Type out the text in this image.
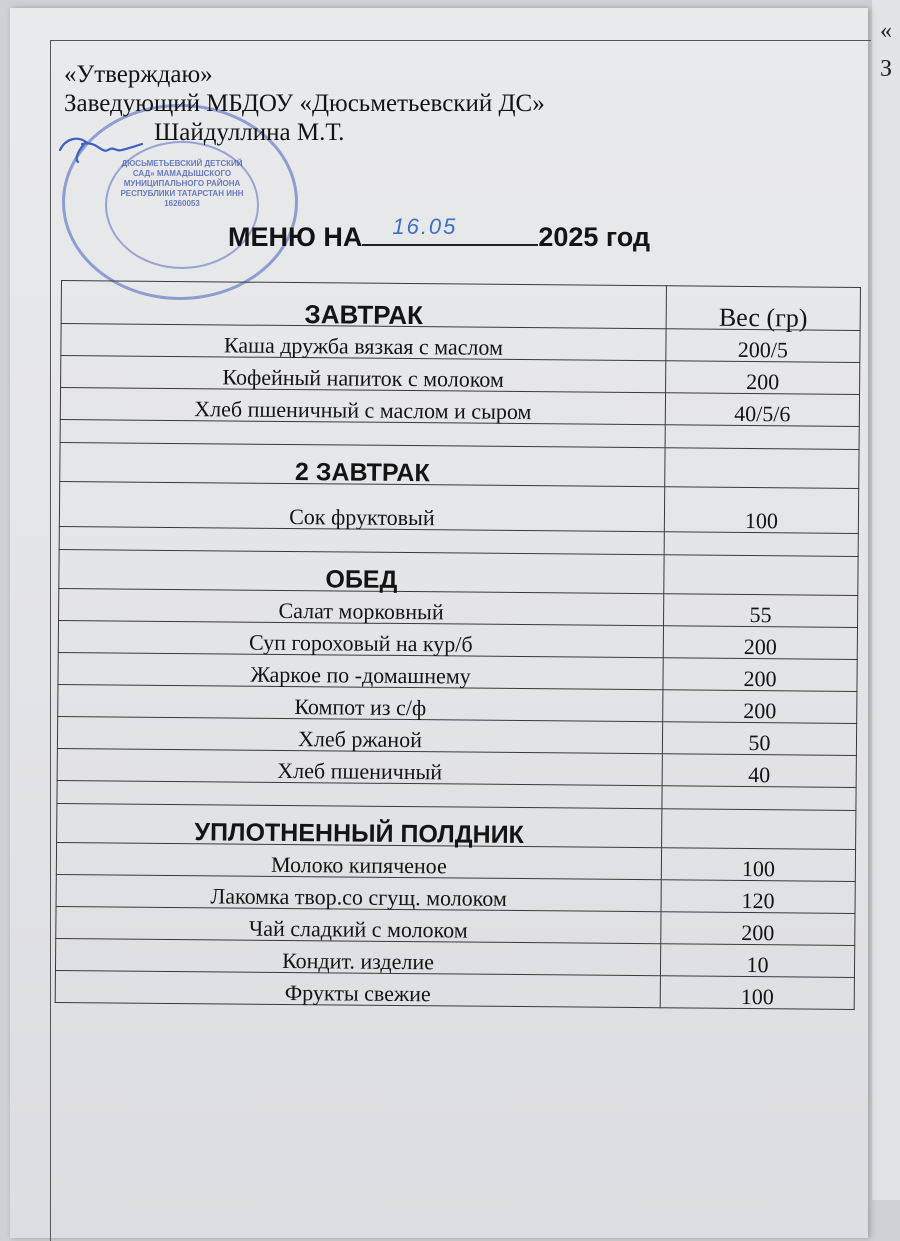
«
З
ДЮСЬМЕТЬЕВСКИЙ ДЕТСКИЙ САД» МАМАДЫШСКОГО МУНИЦИПАЛЬНОГО РАЙОНА РЕСПУБЛИКИ ТАТАРСТАН ИНН 16260053
«Утверждаю»
Заведующий МБДОУ «Дюсьметьевский ДС»
Шайдуллина М.Т.
МЕНЮ НА 16.05	2025 год
ЗАВТРАК	Вес (гр)
Каша дружба вязкая с маслом	200/5
Кофейный напиток с молоком	200
Хлеб пшеничный с маслом и сыром	40/5/6

2 ЗАВТРАК	
Сок фруктовый	100

ОБЕД	
Салат морковный	55
Суп гороховый на кур/б	200
Жаркое по -домашнему	200
Компот из с/ф	200
Хлеб ржаной	50
Хлеб пшеничный	40

УПЛОТНЕННЫЙ ПОЛДНИК	
Молоко кипяченое	100
Лакомка твор.со сгущ. молоком	120
Чай сладкий с молоком	200
Кондит. изделие	10
Фрукты свежие	100
